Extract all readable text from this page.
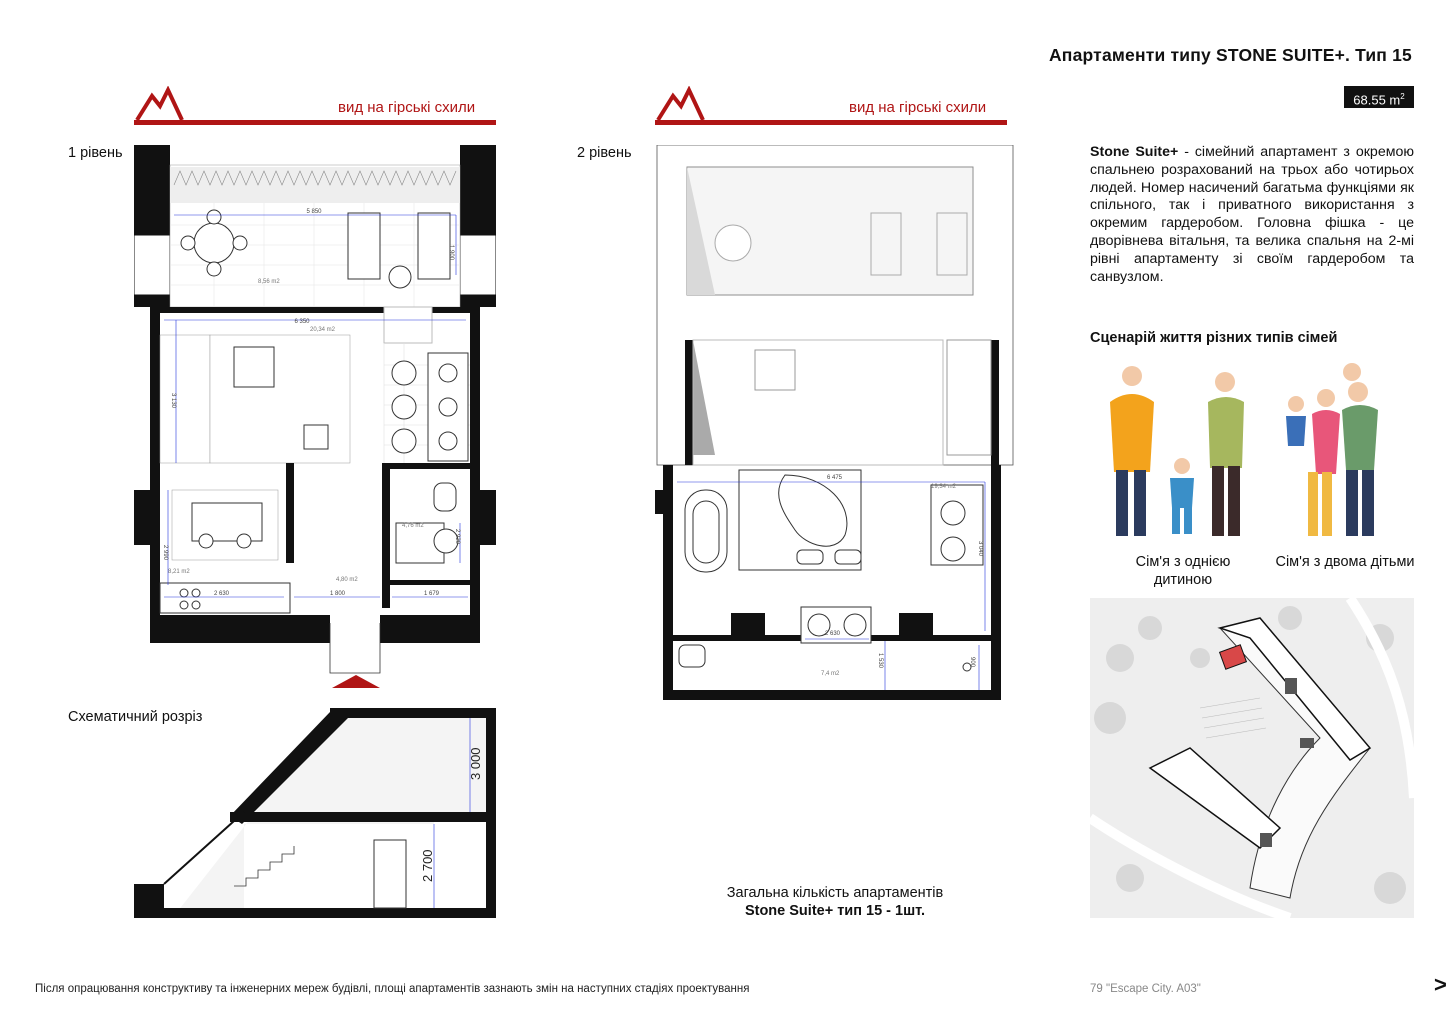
Апартаменти типу STONE SUITE+. Тип 15
68.55 $m^2$
вид на гірські схили	вид на гірські схили
1 рівень	2 рівень
5 850
1 900
8,56 m2
6 350
20,34 m2
3 130
2 630
2 990
8,21 m2
1 800
4,80 m2
4,76 m2
2 920
1 679
6 475
19,34 m2
3 040
2 630
1 530
7,4 m2
900
Схематичний розріз
3 000
2 700
Загальна кількість апартаментів
Stone Suite+ тип 15 - 1шт.
Stone Suite+ - сімейний апартамент з окремою спальнею розрахований на трьох або чотирьох людей. Номер насичений багатьма функціями як спільного, так і приватного використання з окремим гардеробом. Головна фішка - це дворівнева вітальня, та велика спальня на 2-мі рівні апартаменту зі своїм гардеробом та санвузлом.
Сценарій життя різних типів сімей
Сім'я з однією дитиною
Сім'я з двома дітьми
Після опрацювання конструктиву та інженерних мереж будівлі, площі апартаментів зазнають змін на наступних стадіях проектування	79 "Escape City. A03"	>
